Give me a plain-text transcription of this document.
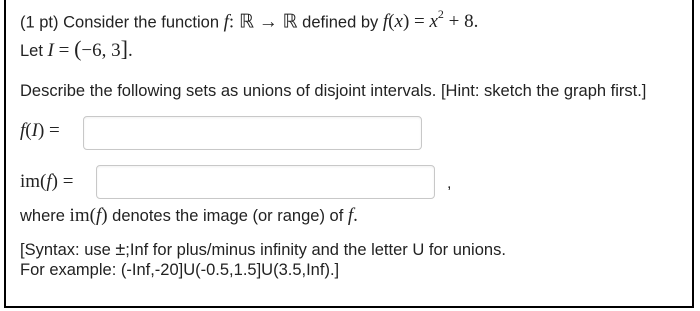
(1 pt) Consider the function f: ℝ → ℝ defined by $f(x) = x^2 + 8$.
Let I = (−6, 3].
Describe the following sets as unions of disjoint intervals. [Hint: sketch the graph first.]
f(I) =
im(f) =	,
where im(f) denotes the image (or range) of f.
[Syntax: use ±;Inf for plus/minus infinity and the letter U for unions.
For example: (-Inf,-20]U(-0.5,1.5]U(3.5,Inf).]
